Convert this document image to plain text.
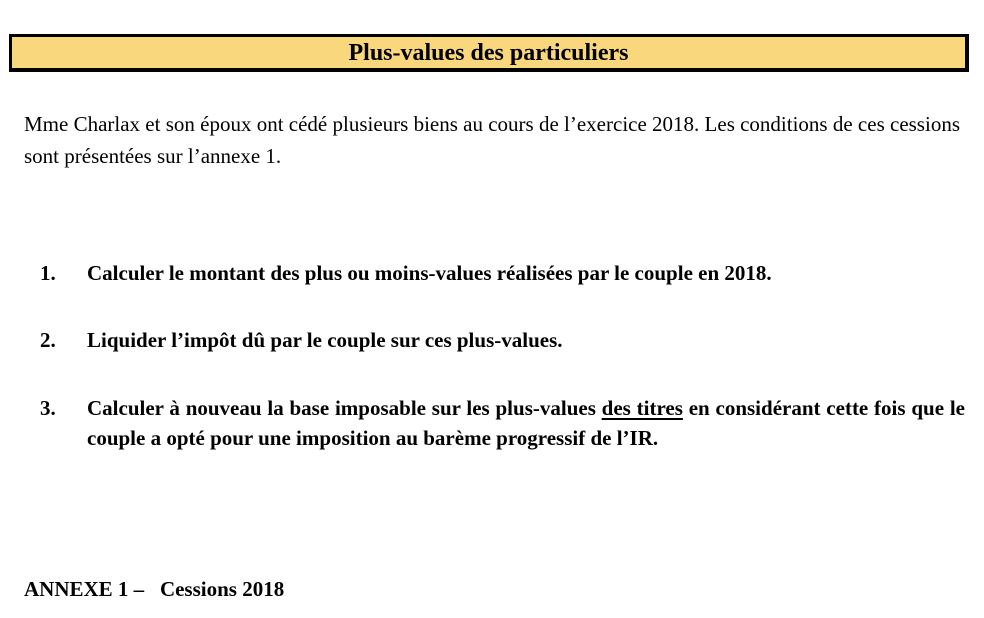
Plus-values des particuliers

Mme Charlax et son époux ont cédé plusieurs biens au cours de l’exercice 2018. Les conditions de ces cessions sont présentées sur l’annexe 1.

1.	Calculer le montant des plus ou moins-values réalisées par le couple en 2018.
2.	Liquider l’impôt dû par le couple sur ces plus-values.
3.	Calculer à nouveau la base imposable sur les plus-values des titres en considérant cette fois que le couple a opté pour une imposition au barème progressif de l’IR.
ANNEXE 1 – Cessions 2018
